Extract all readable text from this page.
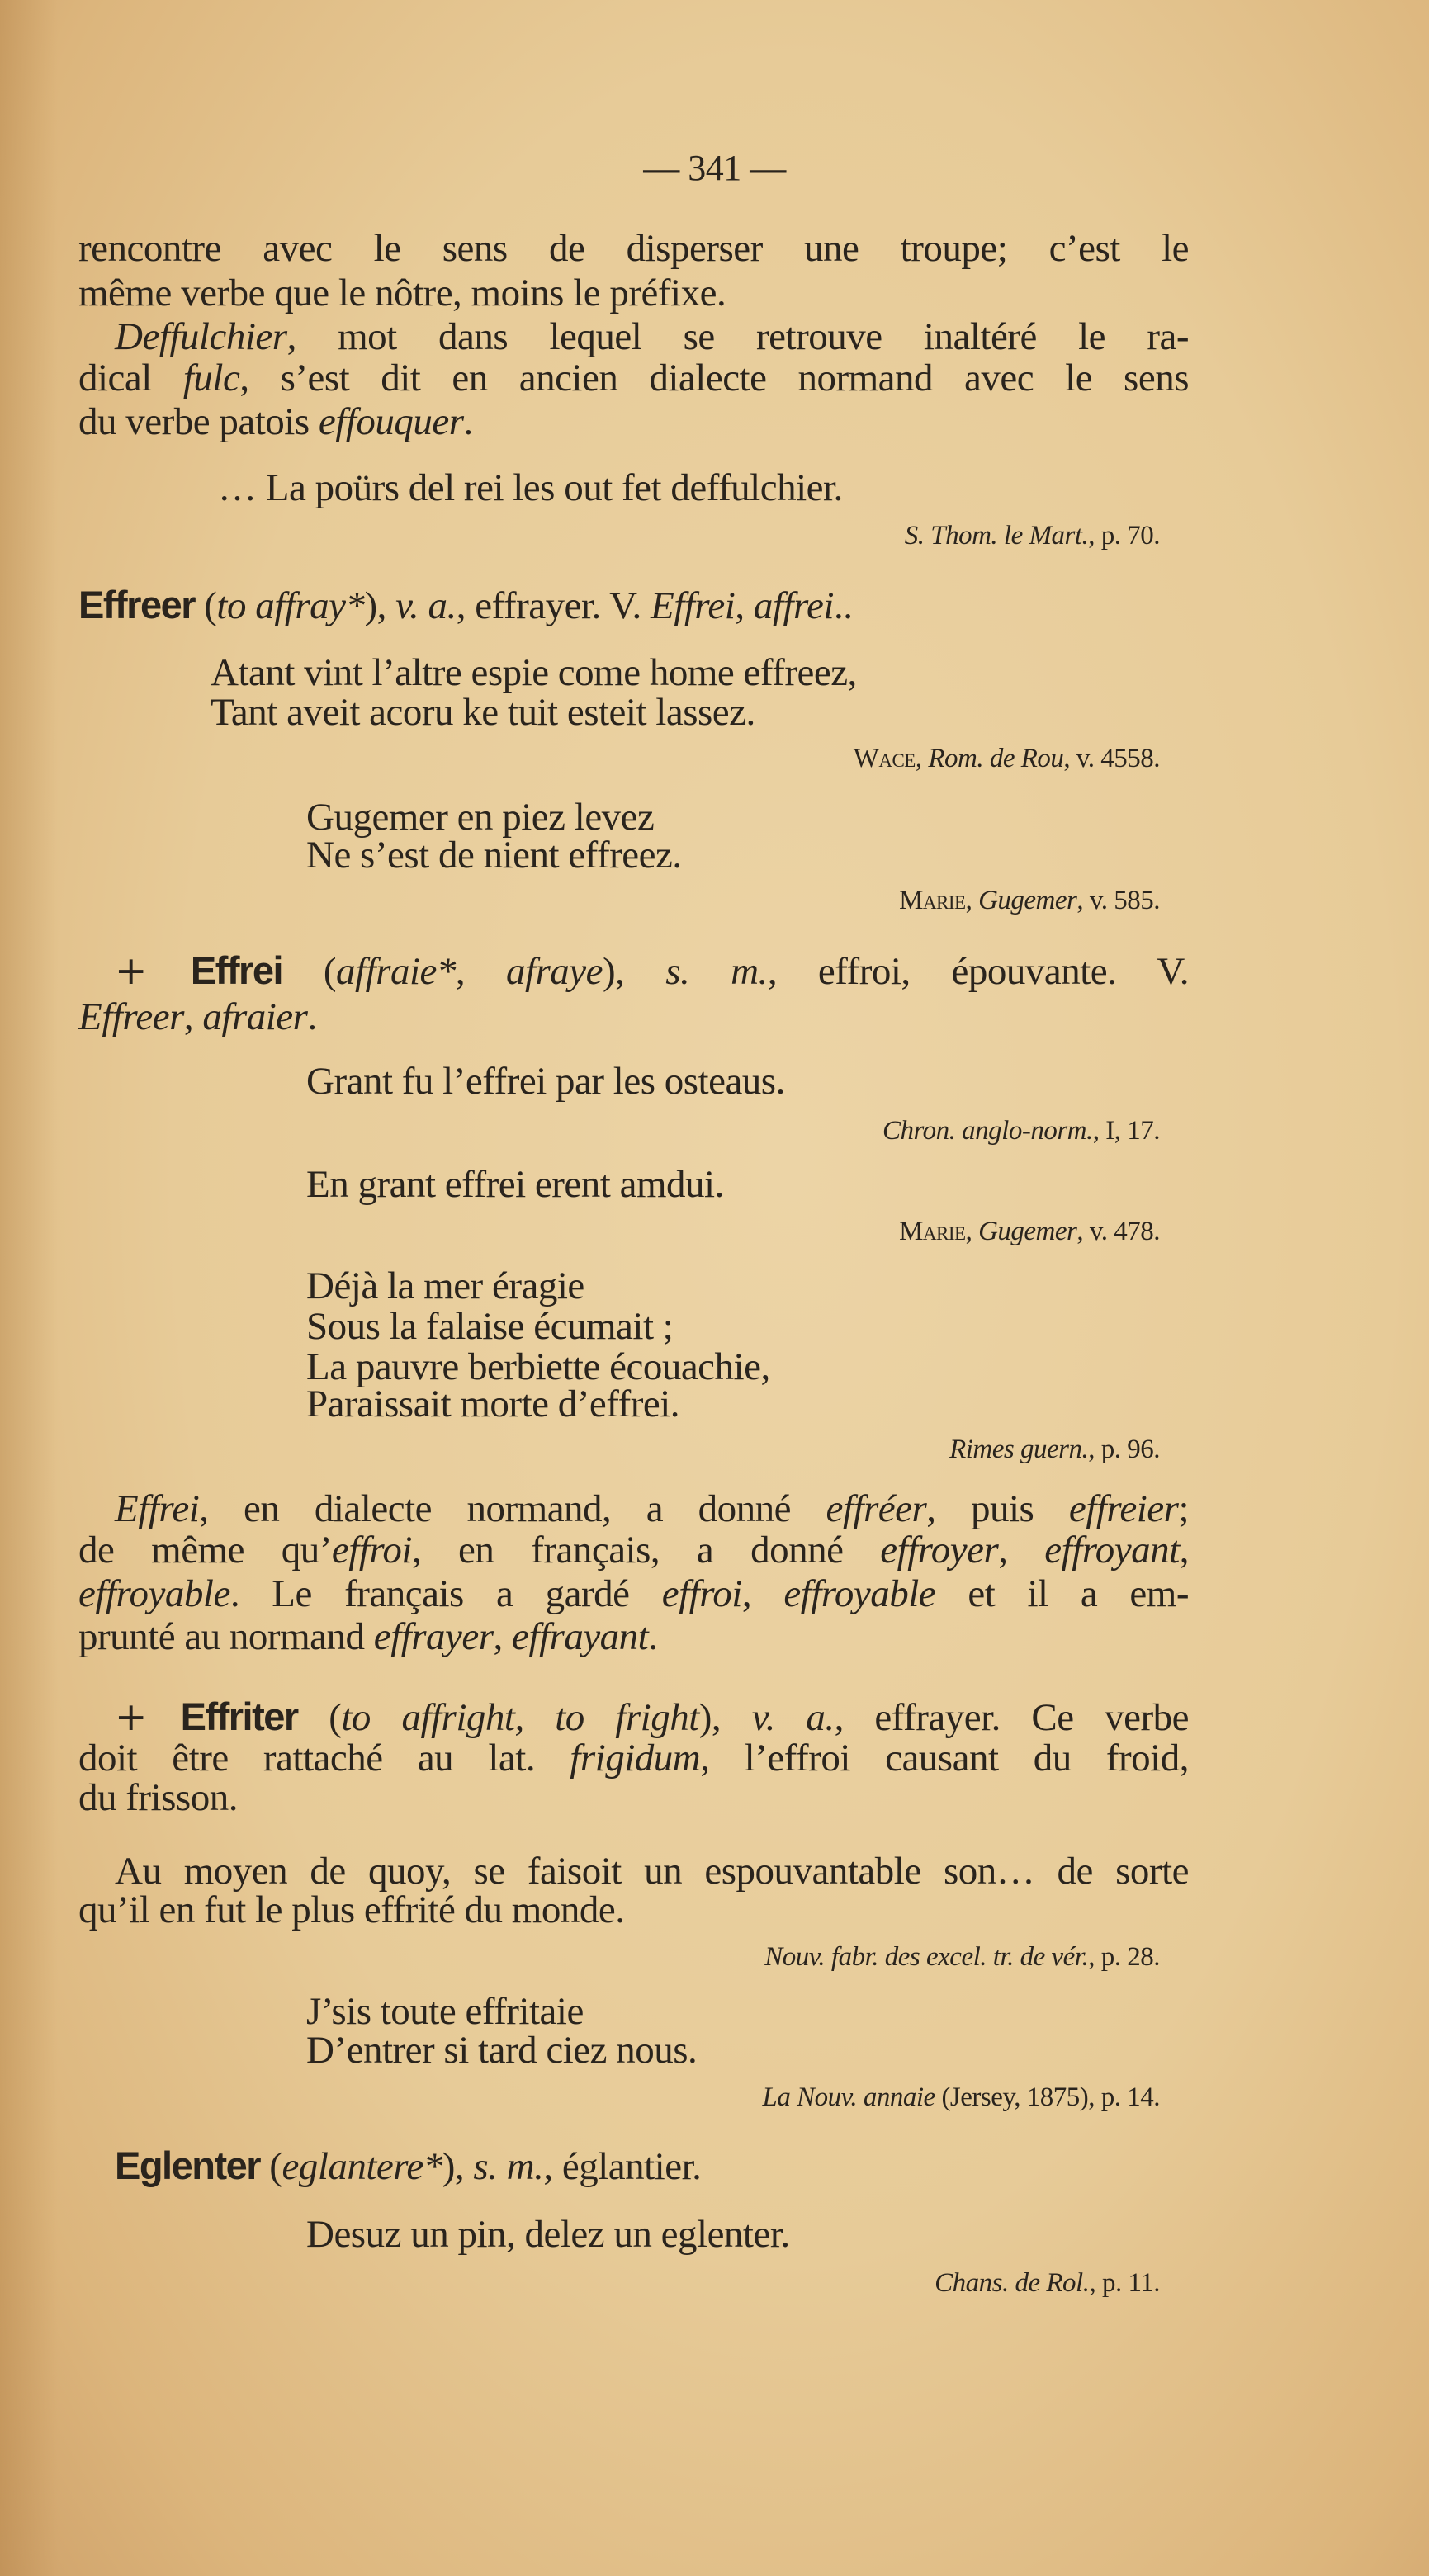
— 341 —
rencontre avec le sens de disperser une troupe; c’est le
même verbe que le nôtre, moins le préfixe.
Deffulchier, mot dans lequel se retrouve inaltéré le ra-
dical fulc, s’est dit en ancien dialecte normand avec le sens
du verbe patois effouquer.
… La poürs del rei les out fet deffulchier.
S. Thom. le Mart., p. 70.
Effreer (to affray*), v. a., effrayer. V. Effrei, affrei..
Atant vint l’altre espie come home effreez,
Tant aveit acoru ke tuit esteit lassez.
Wace, Rom. de Rou, v. 4558.
Gugemer en piez levez
Ne s’est de nient effreez.
Marie, Gugemer, v. 585.
+ Effrei (affraie*, afraye), s. m., effroi, épouvante. V.
Effreer, afraier.
Grant fu l’effrei par les osteaus.
Chron. anglo-norm., I, 17.
En grant effrei erent amdui.
Marie, Gugemer, v. 478.
Déjà la mer éragie
Sous la falaise écumait ;
La pauvre berbiette écouachie,
Paraissait morte d’effrei.
Rimes guern., p. 96.
Effrei, en dialecte normand, a donné effréer, puis effreier;
de même qu’effroi, en français, a donné effroyer, effroyant,
effroyable. Le français a gardé effroi, effroyable et il a em-
prunté au normand effrayer, effrayant.
+ Effriter (to affright, to fright), v. a., effrayer. Ce verbe
doit être rattaché au lat. frigidum, l’effroi causant du froid,
du frisson.
Au moyen de quoy, se faisoit un espouvantable son… de sorte
qu’il en fut le plus effrité du monde.
Nouv. fabr. des excel. tr. de vér., p. 28.
J’sis toute effritaie
D’entrer si tard ciez nous.
La Nouv. annaie (Jersey, 1875), p. 14.
Eglenter (eglantere*), s. m., églantier.
Desuz un pin, delez un eglenter.
Chans. de Rol., p. 11.
